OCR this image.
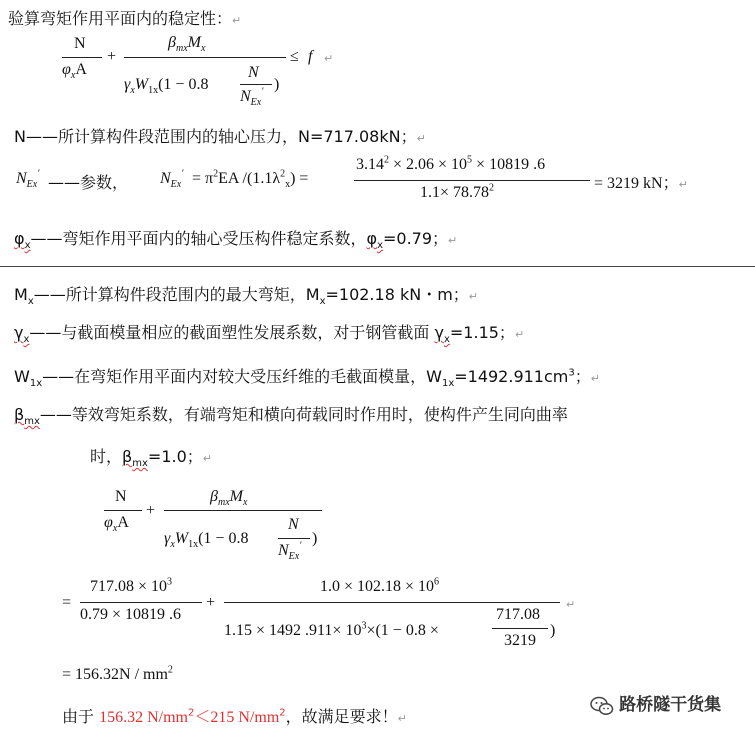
验算弯矩作用平面内的稳定性：↵
N
$\varphi_xA$
+
$\beta_{mx}M_x$
$\gamma_xW_{1x}(1 - 0.8$
N
$N_{Ex}'$ )
≤ f ↵
N——所计算构件段范围内的轴心压力，N=717.08kN；↵
$N_{Ex}'$ ——参数， $N_{Ex}' = \pi^2EA$ $/(1.1\lambda^2_x)$ =
$3.14^2 \times 2.06 \times 10^5 \times 10819$ .6
$1.1\times 78.78^2$	= 3219 kN；↵
$\varphi_x——$弯矩作用平面内的轴心受压构件稳定系数，$\varphi_x=0.79$；↵
$M_x——$所计算构件段范围内的最大弯矩，$M_x=102.18$ kN・m；↵
$\gamma_x——$与截面模量相应的截面塑性发展系数，对于钢管截面 $\gamma_x=1.15$；↵
$W_{1x}——$在弯矩作用平面内对较大受压纤维的毛截面模量，$W_{1x}=1492.911cm^3$；↵
$\beta_{mx}——$等效弯矩系数，有端弯矩和横向荷载同时作用时，使构件产生同向曲率
时，$\beta_{mx}=1.0$；↵
N
$\varphi_xA$
+
$\beta_{mx}M_x$
$\gamma_xW_{1x}(1 - 0.8$
N
$N_{Ex}'$ )
=
$717.08 \times 10^3$
0.79 × 10819 .6
+
$1.0 \times 102.18 \times 10^6$
1.15 × 1492 $.911\times 10^3\times(1 - 0.8$ ×
717.08
3219
)
↵
= $156.32N / mm^2$
由于 156.32 $N/mm^2<215$ $N/mm^2$，故满足要求！↵
路桥隧干货集
